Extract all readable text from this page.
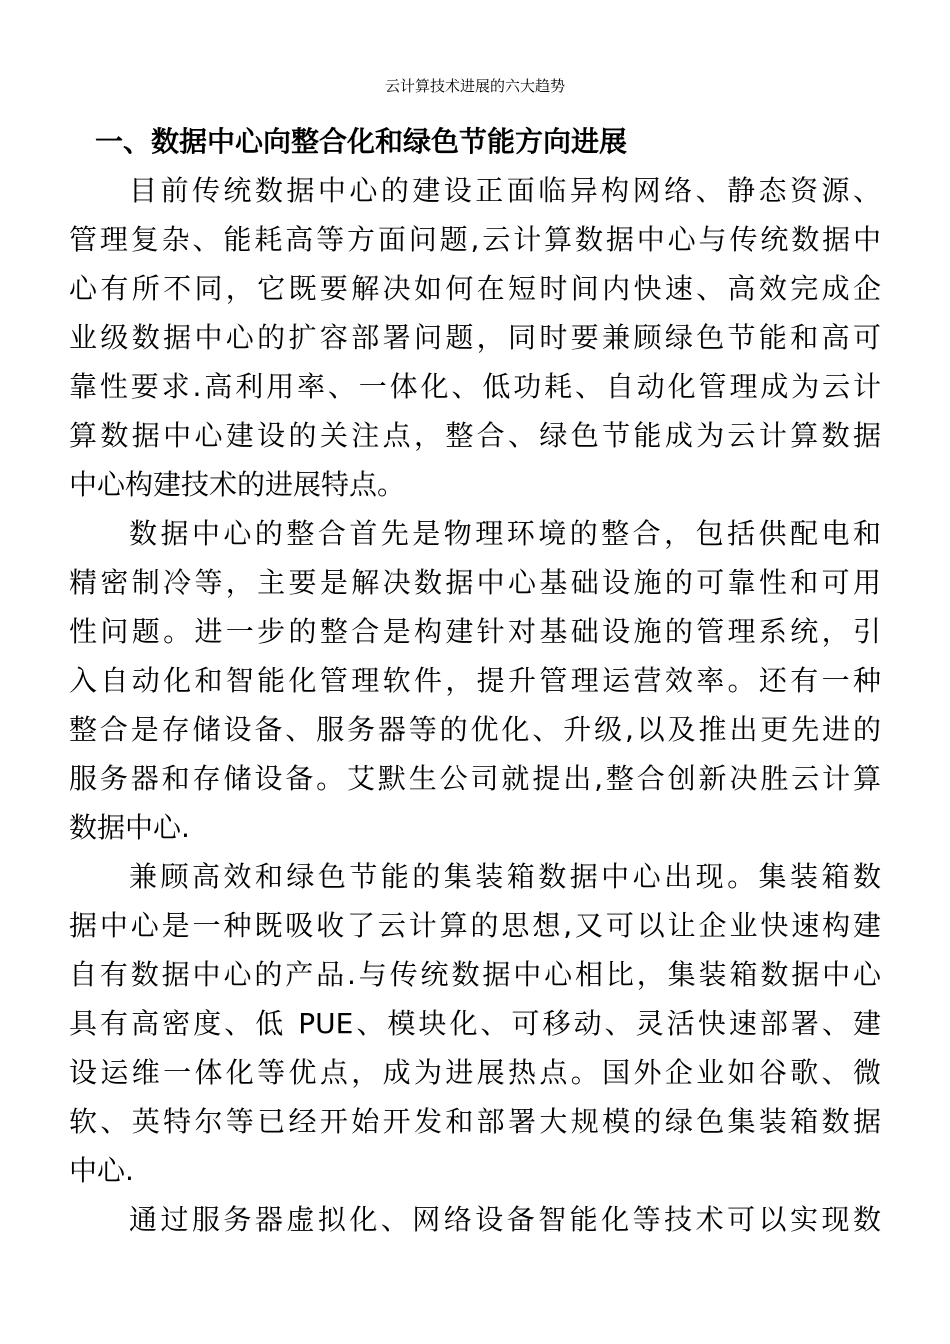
云计算技术进展的六大趋势
一、数据中心向整合化和绿色节能方向进展

目前传统数据中心的建设正面临异构网络、静态资源、
管理复杂、能耗高等方面问题,云计算数据中心与传统数据中
心有所不同，它既要解决如何在短时间内快速、高效完成企
业级数据中心的扩容部署问题，同时要兼顾绿色节能和高可
靠性要求.高利用率、一体化、低功耗、自动化管理成为云计
算数据中心建设的关注点，整合、绿色节能成为云计算数据
中心构建技术的进展特点。

数据中心的整合首先是物理环境的整合，包括供配电和
精密制冷等，主要是解决数据中心基础设施的可靠性和可用
性问题。进一步的整合是构建针对基础设施的管理系统，引
入自动化和智能化管理软件，提升管理运营效率。还有一种
整合是存储设备、服务器等的优化、升级,以及推出更先进的
服务器和存储设备。艾默生公司就提出,整合创新决胜云计算
数据中心.

兼顾高效和绿色节能的集装箱数据中心出现。集装箱数
据中心是一种既吸收了云计算的思想,又可以让企业快速构建
自有数据中心的产品.与传统数据中心相比，集装箱数据中心
具有高密度、低 PUE、模块化、可移动、灵活快速部署、建
设运维一体化等优点，成为进展热点。国外企业如谷歌、微
软、英特尔等已经开始开发和部署大规模的绿色集装箱数据
中心.

通过服务器虚拟化、网络设备智能化等技术可以实现数
